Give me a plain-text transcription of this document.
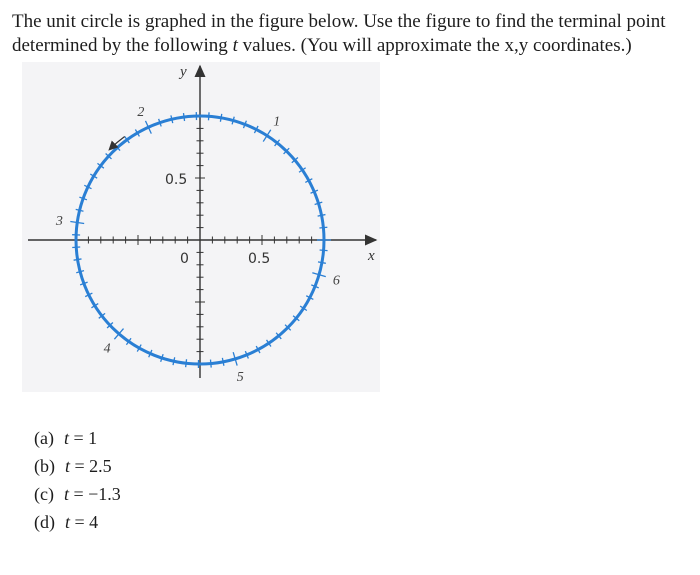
The unit circle is graphed in the figure below. Use the figure to find the terminal point determined by the following t values. (You will approximate the x,y coordinates.)
1
2
3
4
5
6
x
y
0	0.5
0.5
(a) t = 1
(b) t = 2.5
(c) t = −1.3
(d) t = 4
